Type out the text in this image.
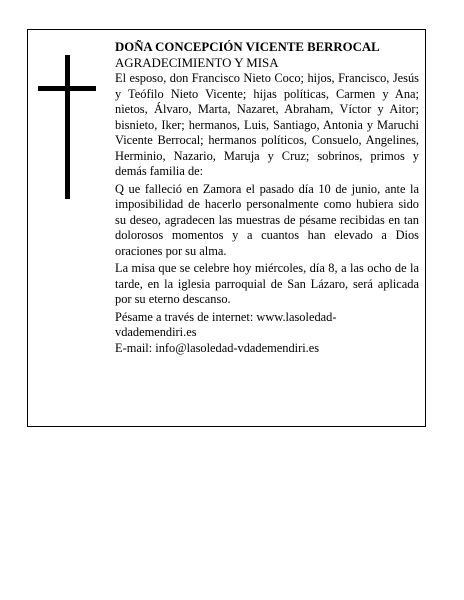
DOÑA CONCEPCIÓN VICENTE BERROCAL

AGRADECIMIENTO Y MISA

El esposo, don Francisco Nieto Coco; hijos, Francisco, Jesús y Teófilo Nieto Vicente; hijas políticas, Carmen y Ana; nietos, Álvaro, Marta, Nazaret, Abraham, Víctor y Aitor; bisnieto, Iker; hermanos, Luis, Santiago, Antonia y Maruchi Vicente Berrocal; hermanos políticos, Consuelo, Angelines, Herminio, Nazario, Maruja y Cruz; sobrinos, primos y demás familia de:

Q ue falleció en Zamora el pasado día 10 de junio, ante la imposibilidad de hacerlo personalmente como hubiera sido su deseo, agradecen las muestras de pésame recibidas en tan dolorosos momentos y a cuantos han elevado a Dios oraciones por su alma.

La misa que se celebre hoy miércoles, día 8, a las ocho de la tarde, en la iglesia parroquial de San Lázaro, será aplicada por su eterno descanso.

Pésame a través de internet: www.lasoledad-

vdademendiri.es

E-mail: info@lasoledad-vdademendiri.es
